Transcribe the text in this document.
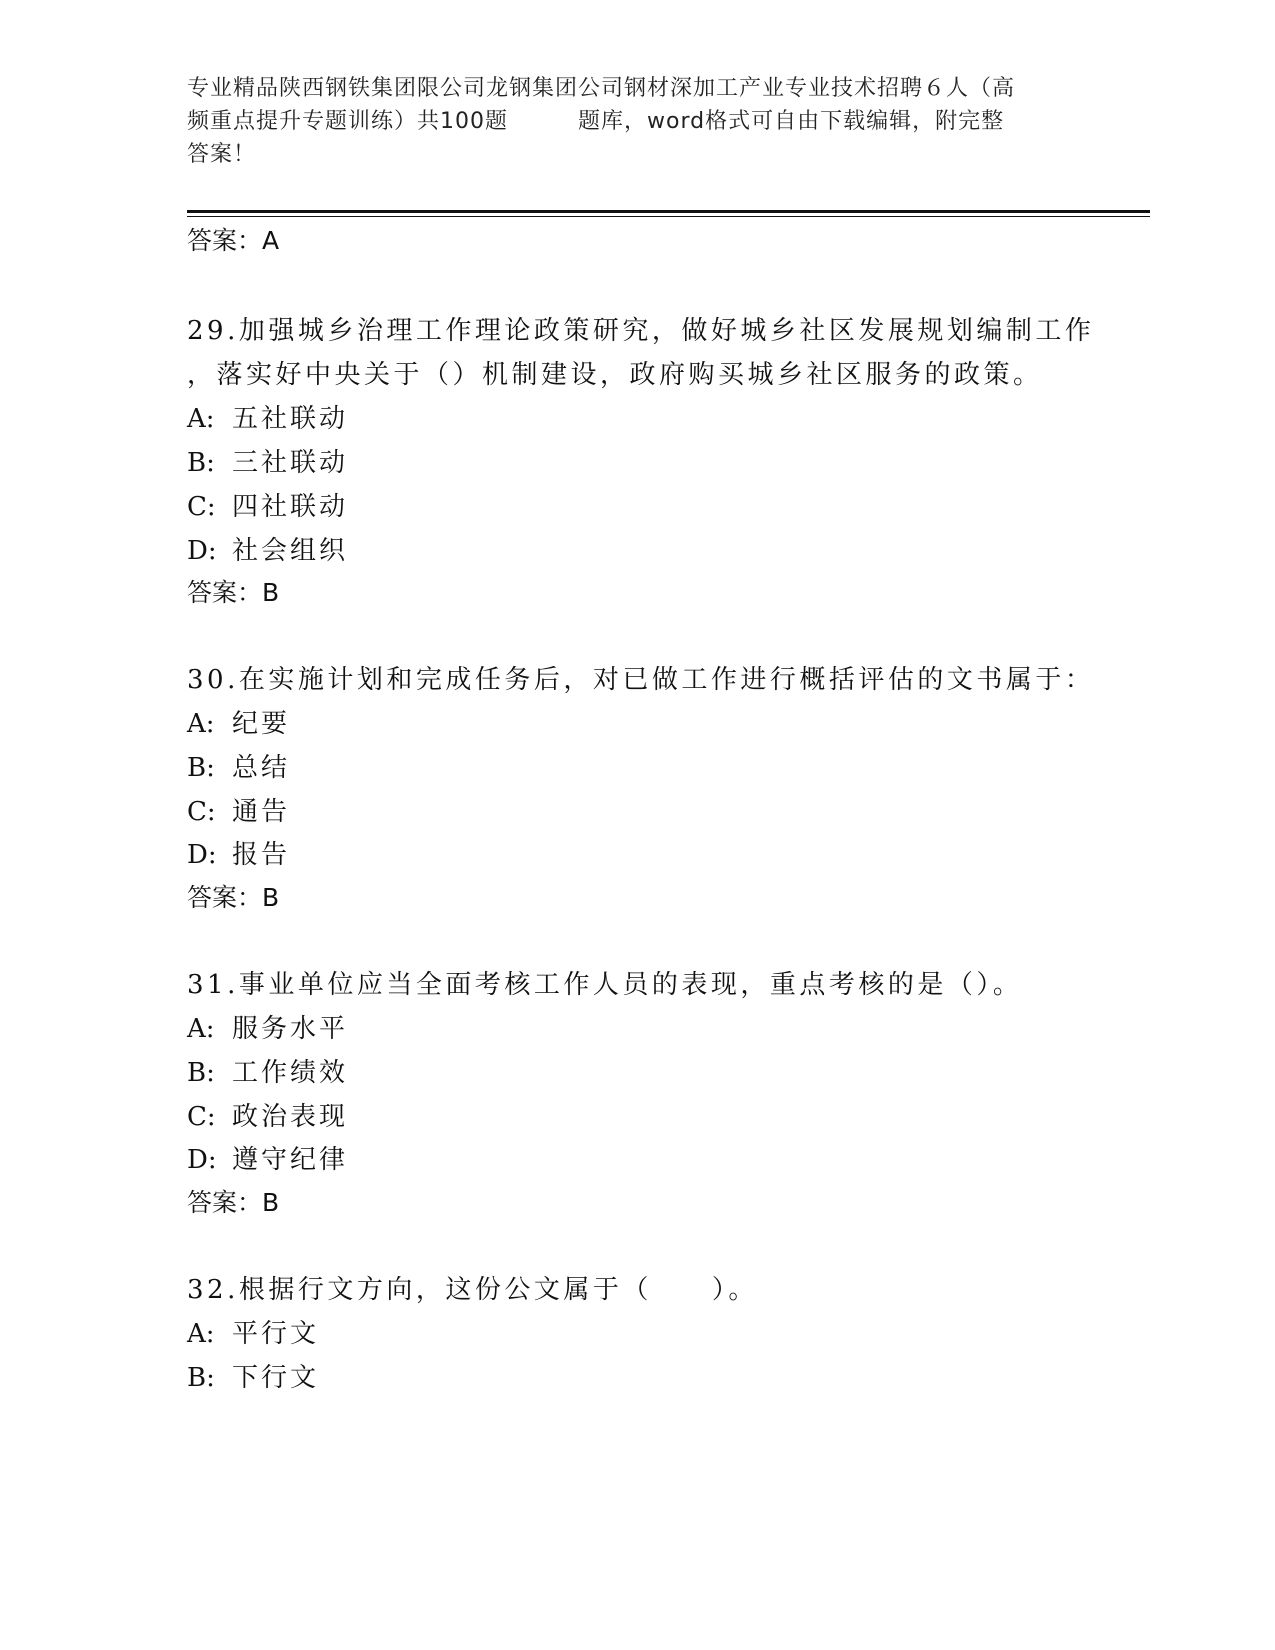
专业精品陕西钢铁集团限公司龙钢集团公司钢材深加工产业专业技术招聘６人（高
频重点提升专题训练）共100题	题库，word格式可自由下载编辑，附完整
答案！
答案：A
29.加强城乡治理工作理论政策研究，做好城乡社区发展规划编制工作
，落实好中央关于（）机制建设，政府购买城乡社区服务的政策。
A: 五社联动
B: 三社联动
C: 四社联动
D: 社会组织
答案：B
30.在实施计划和完成任务后，对已做工作进行概括评估的文书属于：
A: 纪要
B: 总结
C: 通告
D: 报告
答案：B
31.事业单位应当全面考核工作人员的表现，重点考核的是（）。
A: 服务水平
B: 工作绩效
C: 政治表现
D: 遵守纪律
答案：B
32.根据行文方向，这份公文属于（ ）。
A: 平行文
B: 下行文
